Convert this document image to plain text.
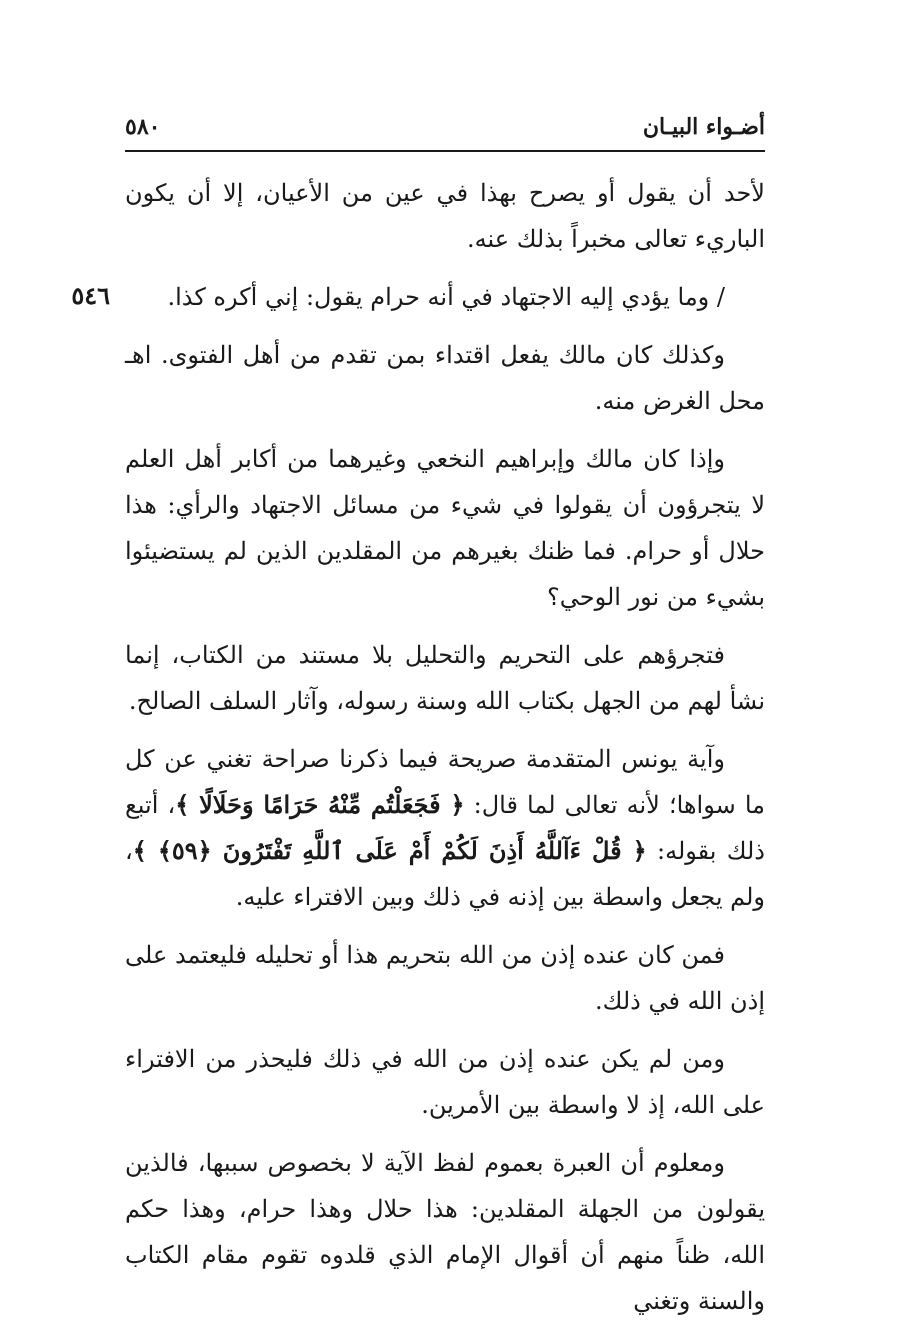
أضـواء البيـان
٥٨٠
٥٤٦

لأحد أن يقول أو يصرح بهذا في عين من الأعيان، إلا أن يكون الباريء تعالى مخبراً بذلك عنه.

/ وما يؤدي إليه الاجتهاد في أنه حرام يقول: إني أكره كذا.

وكذلك كان مالك يفعل اقتداء بمن تقدم من أهل الفتوى. اهـ محل الغرض منه.

وإذا كان مالك وإبراهيم النخعي وغيرهما من أكابر أهل العلم لا يتجرؤون أن يقولوا في شيء من مسائل الاجتهاد والرأي: هذا حلال أو حرام. فما ظنك بغيرهم من المقلدين الذين لم يستضيئوا بشيء من نور الوحي؟

فتجرؤهم على التحريم والتحليل بلا مستند من الكتاب، إنما نشأ لهم من الجهل بكتاب الله وسنة رسوله، وآثار السلف الصالح.

وآية يونس المتقدمة صريحة فيما ذكرنا صراحة تغني عن كل ما سواها؛ لأنه تعالى لما قال: ﴿ فَجَعَلْتُم مِّنْهُ حَرَامًا وَحَلَالًا ﴾، أتبع ذلك بقوله: ﴿ قُلْ ءَآللَّهُ أَذِنَ لَكُمْ أَمْ عَلَى ٱللَّهِ تَفْتَرُونَ ﴿٥٩﴾ ﴾، ولم يجعل واسطة بين إذنه في ذلك وبين الافتراء عليه.

فمن كان عنده إذن من الله بتحريم هذا أو تحليله فليعتمد على إذن الله في ذلك.

ومن لم يكن عنده إذن من الله في ذلك فليحذر من الافتراء على الله، إذ لا واسطة بين الأمرين.

ومعلوم أن العبرة بعموم لفظ الآية لا بخصوص سببها، فالذين يقولون من الجهلة المقلدين: هذا حلال وهذا حرام، وهذا حكم الله، ظناً منهم أن أقوال الإمام الذي قلدوه تقوم مقام الكتاب والسنة وتغني
